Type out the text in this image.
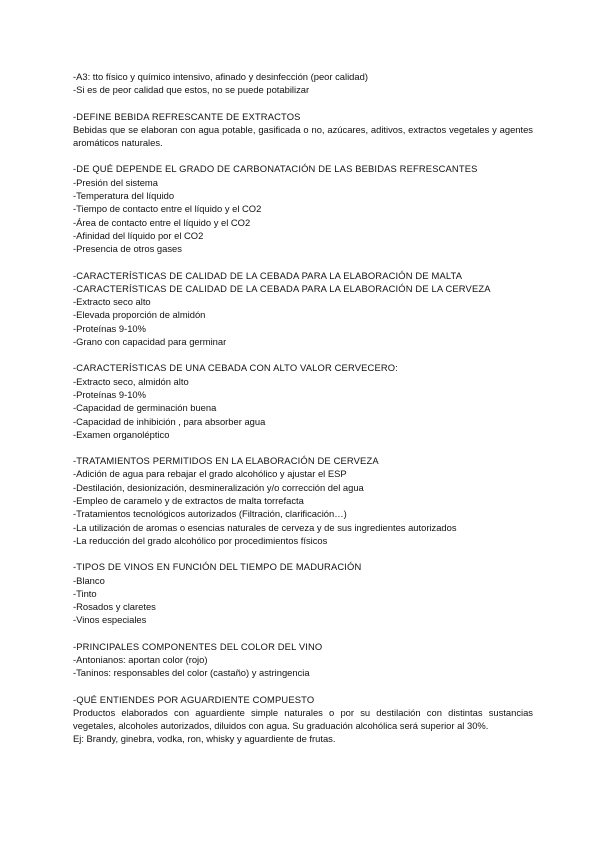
-A3: tto físico y químico intensivo, afinado y desinfección (peor calidad)
-Si es de peor calidad que estos, no se puede potabilizar
-DEFINE BEBIDA REFRESCANTE DE EXTRACTOS
Bebidas que se elaboran con agua potable, gasificada o no, azúcares, aditivos, extractos vegetales y agentes aromáticos naturales.
-DE QUÉ DEPENDE EL GRADO DE CARBONATACIÓN DE LAS BEBIDAS REFRESCANTES
-Presión del sistema
-Temperatura del líquido
-Tiempo de contacto entre el líquido y el CO2
-Área de contacto entre el líquido y el CO2
-Afinidad del líquido por el CO2
-Presencia de otros gases
-CARACTERÍSTICAS DE CALIDAD DE LA CEBADA PARA LA ELABORACIÓN DE MALTA
-CARACTERÍSTICAS DE CALIDAD DE LA CEBADA PARA LA ELABORACIÓN DE LA CERVEZA
-Extracto seco alto
-Elevada proporción de almidón
-Proteínas 9-10%
-Grano con capacidad para germinar
-CARACTERÍSTICAS DE UNA CEBADA CON ALTO VALOR CERVECERO:
-Extracto seco, almidón alto
-Proteínas 9-10%
-Capacidad de germinación buena
-Capacidad de inhibición , para absorber agua
-Examen organoléptico
-TRATAMIENTOS PERMITIDOS EN LA ELABORACIÓN DE CERVEZA
-Adición de agua para rebajar el grado alcohólico y ajustar el ESP
-Destilación, desionización, desmineralización y/o corrección del agua
-Empleo de caramelo y de extractos de malta torrefacta
-Tratamientos tecnológicos autorizados (Filtración, clarificación…)
-La utilización de aromas o esencias naturales de cerveza y de sus ingredientes autorizados
-La reducción del grado alcohólico por procedimientos físicos
-TIPOS DE VINOS EN FUNCIÓN DEL TIEMPO DE MADURACIÓN
-Blanco
-Tinto
-Rosados y claretes
-Vinos especiales
-PRINCIPALES COMPONENTES DEL COLOR DEL VINO
-Antonianos: aportan color (rojo)
-Taninos: responsables del color (castaño) y astringencia
-QUÉ ENTIENDES POR AGUARDIENTE COMPUESTO
Productos elaborados con aguardiente simple naturales o por su destilación con distintas sustancias vegetales, alcoholes autorizados, diluidos con agua. Su graduación alcohólica será superior al 30%.
Ej: Brandy, ginebra, vodka, ron, whisky y aguardiente de frutas.
